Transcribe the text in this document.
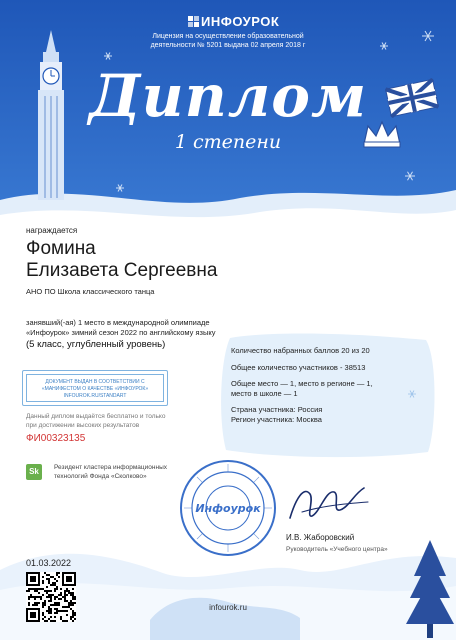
ИНФОУРОК
Лицензия на осуществление образовательной
деятельности № 5201 выдана 02 апреля 2018 г
Диплом
1 степени
награждается
Фомина
Елизавета Сергеевна
АНО ПО Школа классического танца
занявший(-ая) 1 место в международной олимпиаде
«Инфоурок» зимний сезон 2022 по английскому языку
(5 класс, углубленный уровень)
ДОКУМЕНТ ВЫДАН В СООТВЕТСТВИИ С
«МАНИФЕСТОМ О КАЧЕСТВЕ «ИНФОУРОК»
INFOUROK.RU/STANDART
Данный диплом выдаётся бесплатно и только
при достижении высоких результатов
ФИ00323135
Sk	Резидент кластера информационных
технологий Фонда «Сколково»
Количество набранных баллов 20 из 20
Общее количество участников - 38513
Общее место — 1, место в регионе — 1,
место в школе — 1
Страна участника: Россия
Регион участника: Москва
Инфоурок
И.В. Жаборовский
Руководитель «Учебного центра»
01.03.2022
infourok.ru
